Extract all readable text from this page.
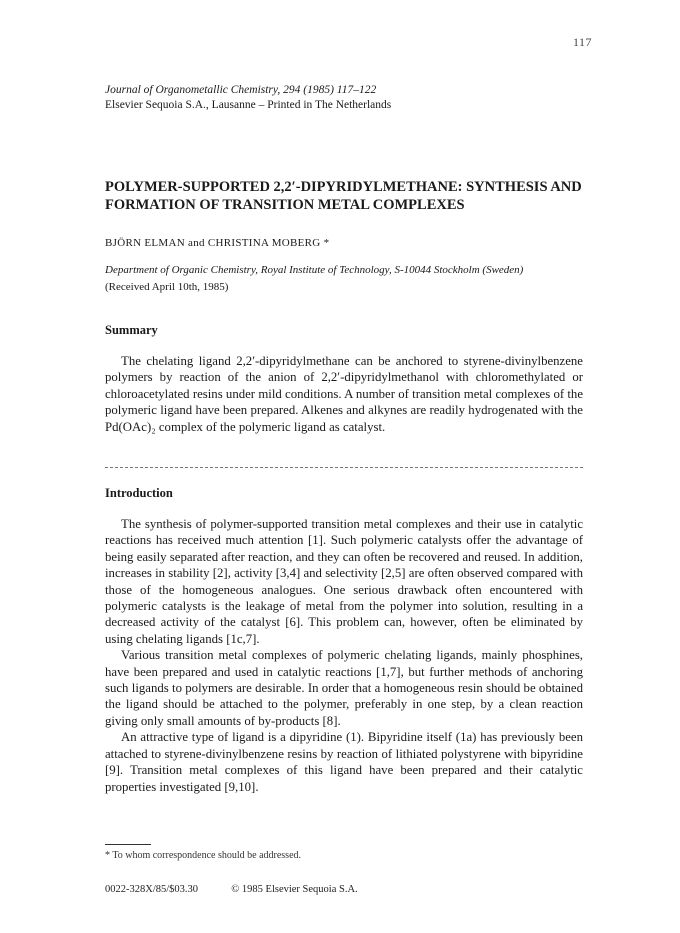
117
Journal of Organometallic Chemistry, 294 (1985) 117–122
Elsevier Sequoia S.A., Lausanne – Printed in The Netherlands
POLYMER-SUPPORTED 2,2′-DIPYRIDYLMETHANE: SYNTHESIS AND
FORMATION OF TRANSITION METAL COMPLEXES
BJÖRN ELMAN and CHRISTINA MOBERG *
Department of Organic Chemistry, Royal Institute of Technology, S-10044 Stockholm (Sweden)
(Received April 10th, 1985)
Summary

The chelating ligand 2,2′-dipyridylmethane can be anchored to styrene-divinylbenzene polymers by reaction of the anion of 2,2′-dipyridylmethanol with chloromethylated or chloroacetylated resins under mild conditions. A number of transition metal complexes of the polymeric ligand have been prepared. Alkenes and alkynes are readily hydrogenated with the Pd(OAc)₂ complex of the polymeric ligand as catalyst.

Introduction

The synthesis of polymer-supported transition metal complexes and their use in catalytic reactions has received much attention [1]. Such polymeric catalysts offer the advantage of being easily separated after reaction, and they can often be recovered and reused. In addition, increases in stability [2], activity [3,4] and selectivity [2,5] are often observed compared with those of the homogeneous analogues. One serious drawback often encountered with polymeric catalysts is the leakage of metal from the polymer into solution, resulting in a decreased activity of the catalyst [6]. This problem can, however, often be eliminated by using chelating ligands [1c,7].

Various transition metal complexes of polymeric chelating ligands, mainly phosphines, have been prepared and used in catalytic reactions [1,7], but further methods of anchoring such ligands to polymers are desirable. In order that a homogeneous resin should be obtained the ligand should be attached to the polymer, preferably in one step, by a clean reaction giving only small amounts of by-products [8].

An attractive type of ligand is a dipyridine (1). Bipyridine itself (1a) has previously been attached to styrene-divinylbenzene resins by reaction of lithiated polystyrene with bipyridine [9]. Transition metal complexes of this ligand have been prepared and their catalytic properties investigated [9,10].

* To whom correspondence should be addressed.
0022-328X/85/$03.30	© 1985 Elsevier Sequoia S.A.
